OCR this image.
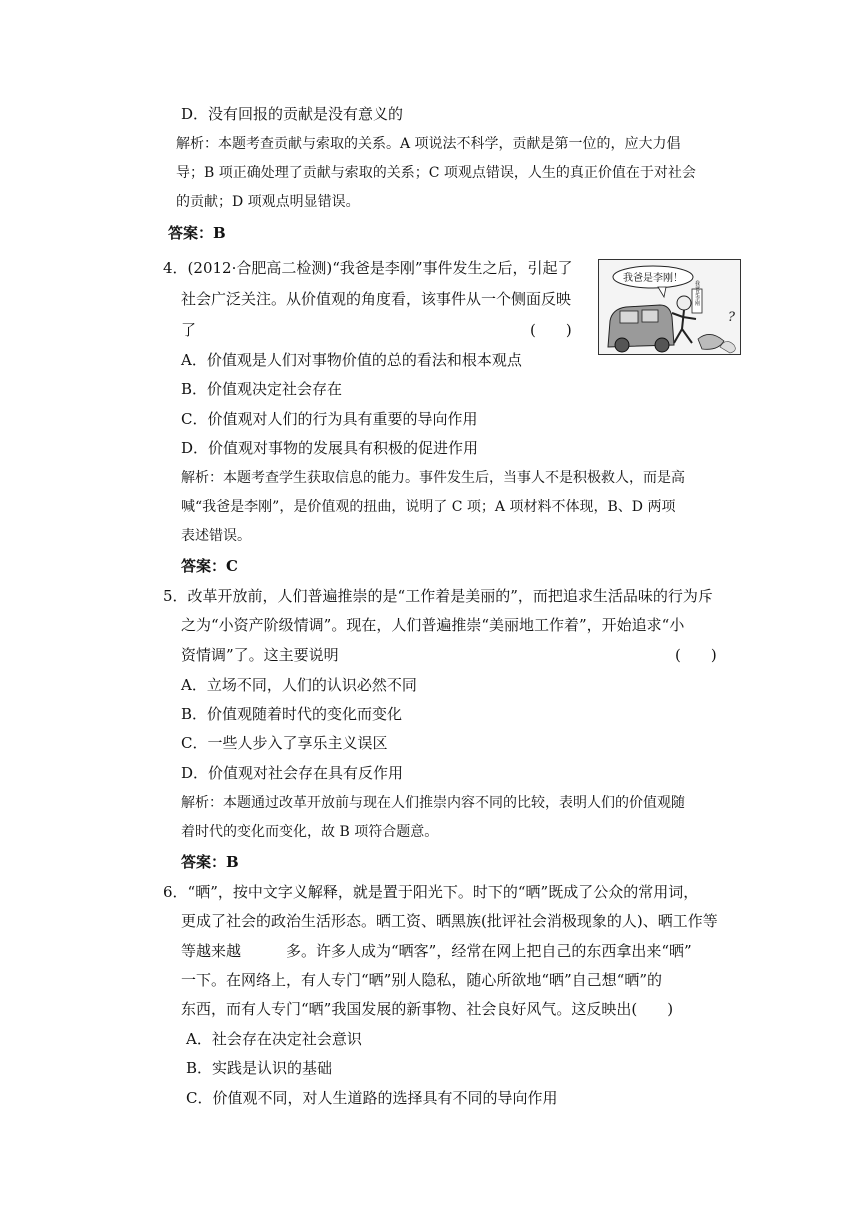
D．没有回报的贡献是没有意义的
解析：本题考查贡献与索取的关系。A 项说法不科学，贡献是第一位的，应大力倡
导；B 项正确处理了贡献与索取的关系；C 项观点错误，人生的真正价值在于对社会
的贡献；D 项观点明显错误。
答案：B
4．(2012·合肥高二检测)“我爸是李刚”事件发生之后，引起了
社会广泛关注。从价值观的角度看，该事件从一个侧面反映
了	(　　)
我爸是李刚！
我爸是李刚
?
A．价值观是人们对事物价值的总的看法和根本观点
B．价值观决定社会存在
C．价值观对人们的行为具有重要的导向作用
D．价值观对事物的发展具有积极的促进作用
解析：本题考查学生获取信息的能力。事件发生后，当事人不是积极救人，而是高
喊“我爸是李刚”，是价值观的扭曲，说明了 C 项；A 项材料不体现，B、D 两项
表述错误。
答案：C
5．改革开放前，人们普遍推崇的是“工作着是美丽的”，而把追求生活品味的行为斥
之为“小资产阶级情调”。现在，人们普遍推崇“美丽地工作着”，开始追求“小
资情调”了。这主要说明	(　　)
A．立场不同，人们的认识必然不同
B．价值观随着时代的变化而变化
C．一些人步入了享乐主义误区
D．价值观对社会存在具有反作用
解析：本题通过改革开放前与现在人们推崇内容不同的比较，表明人们的价值观随
着时代的变化而变化，故 B 项符合题意。
答案：B
6．“晒”，按中文字义解释，就是置于阳光下。时下的“晒”既成了公众的常用词，
更成了社会的政治生活形态。晒工资、晒黑族(批评社会消极现象的人)、晒工作等
等越来越　　　多。许多人成为“晒客”，经常在网上把自己的东西拿出来“晒”
一下。在网络上，有人专门“晒”别人隐私，随心所欲地“晒”自己想“晒”的
东西，而有人专门“晒”我国发展的新事物、社会良好风气。这反映出(　　)
A．社会存在决定社会意识
B．实践是认识的基础
C．价值观不同，对人生道路的选择具有不同的导向作用
